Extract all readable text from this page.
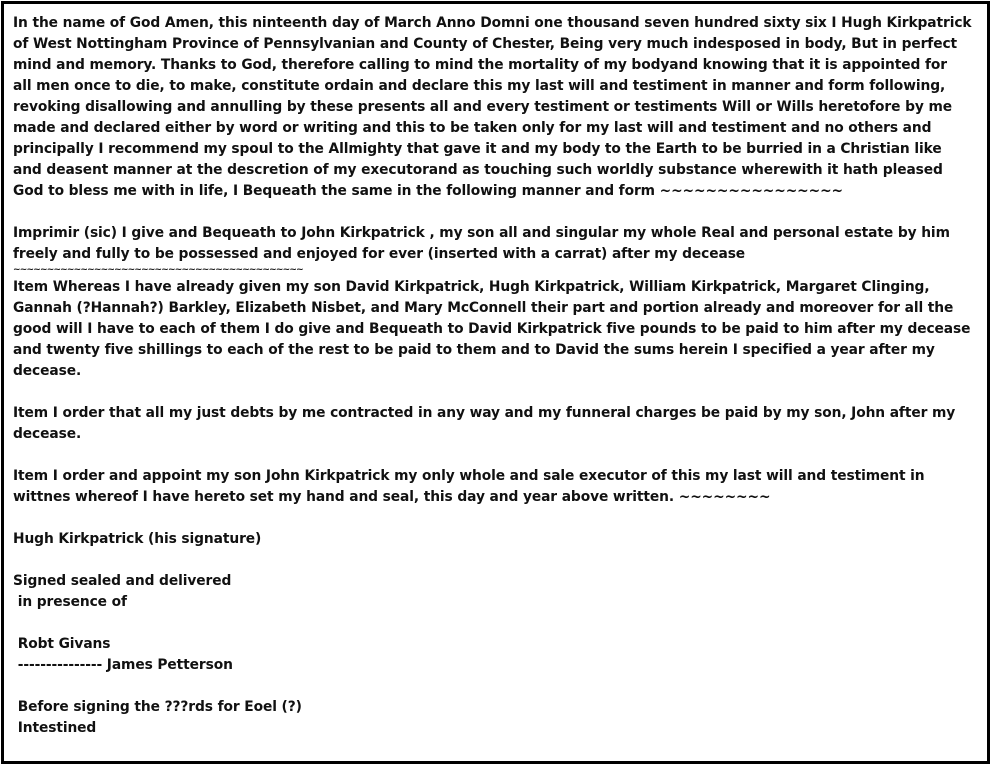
In the name of God Amen, this ninteenth day of March Anno Domni one thousand seven hundred sixty six I Hugh Kirkpatrick
of West Nottingham Province of Pennsylvanian and County of Chester, Being very much indesposed in body, But in perfect
mind and memory. Thanks to God, therefore calling to mind the mortality of my bodyand knowing that it is appointed for
all men once to die, to make, constitute ordain and declare this my last will and testiment in manner and form following,
revoking disallowing and annulling by these presents all and every testiment or testiments Will or Wills heretofore by me
made and declared either by word or writing and this to be taken only for my last will and testiment and no others and
principally I recommend my spoul to the Allmighty that gave it and my body to the Earth to be burried in a Christian like
and deasent manner at the descretion of my executorand as touching such worldly substance wherewith it hath pleased
God to bless me with in life, I Bequeath the same in the following manner and form ~~~~~~~~~~~~~~~~
Imprimir (sic) I give and Bequeath to John Kirkpatrick , my son all and singular my whole Real and personal estate by him
freely and fully to be possessed and enjoyed for ever (inserted with a carrat) after my decease
~~~~~~~~~~~~~~~~~~~~~~~~~~~~~~~~~~~~~~~~~~~
Item Whereas I have already given my son David Kirkpatrick, Hugh Kirkpatrick, William Kirkpatrick, Margaret Clinging,
Gannah (?Hannah?) Barkley, Elizabeth Nisbet, and Mary McConnell their part and portion already and moreover for all the
good will I have to each of them I do give and Bequeath to David Kirkpatrick five pounds to be paid to him after my decease
and twenty five shillings to each of the rest to be paid to them and to David the sums herein I specified a year after my
decease.
Item I order that all my just debts by me contracted in any way and my funneral charges be paid by my son, John after my
decease.
Item I order and appoint my son John Kirkpatrick my only whole and sale executor of this my last will and testiment in
wittnes whereof I have hereto set my hand and seal, this day and year above written. ~~~~~~~~
Hugh Kirkpatrick (his signature)
Signed sealed and delivered
in presence of
Robt Givans
--------------- James Petterson
Before signing the ???rds for Eoel (?)
Intestined
